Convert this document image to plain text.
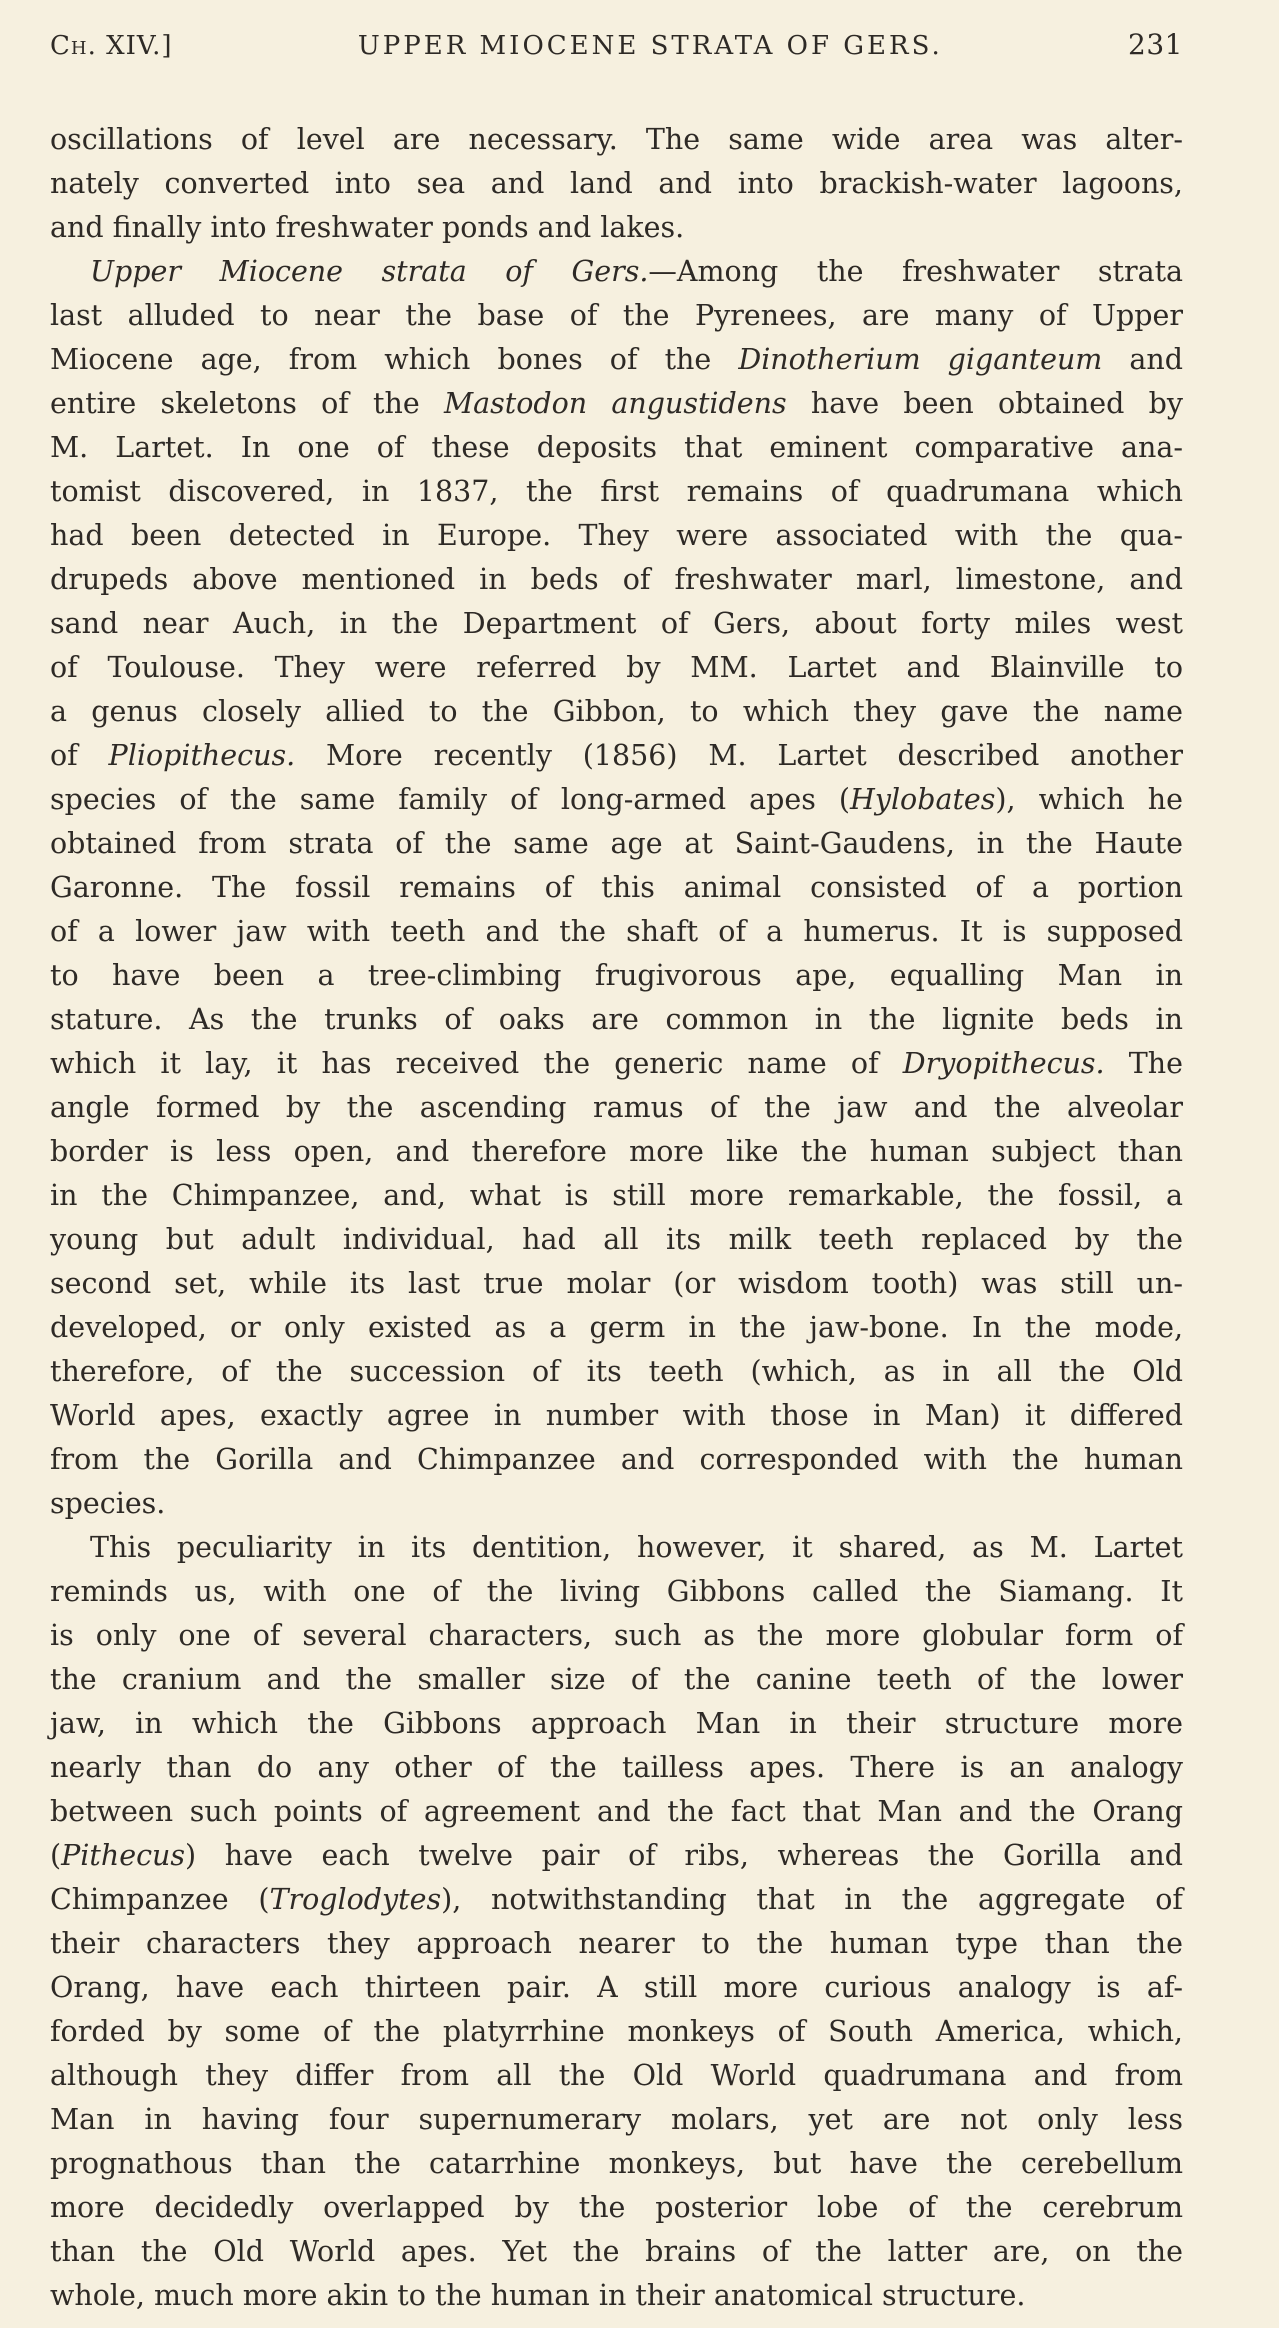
Ch. XIV.]	UPPER MIOCENE STRATA OF GERS.	231
oscillations of level are necessary. The same wide area was alter-
nately converted into sea and land and into brackish-water lagoons,
and finally into freshwater ponds and lakes.
Upper Miocene strata of Gers.—Among the freshwater strata
last alluded to near the base of the Pyrenees, are many of Upper
Miocene age, from which bones of the Dinotherium giganteum and
entire skeletons of the Mastodon angustidens have been obtained by
M. Lartet. In one of these deposits that eminent comparative ana-
tomist discovered, in 1837, the first remains of quadrumana which
had been detected in Europe. They were associated with the qua-
drupeds above mentioned in beds of freshwater marl, limestone, and
sand near Auch, in the Department of Gers, about forty miles west
of Toulouse. They were referred by MM. Lartet and Blainville to
a genus closely allied to the Gibbon, to which they gave the name
of Pliopithecus. More recently (1856) M. Lartet described another
species of the same family of long-armed apes (Hylobates), which he
obtained from strata of the same age at Saint-Gaudens, in the Haute
Garonne. The fossil remains of this animal consisted of a portion
of a lower jaw with teeth and the shaft of a humerus. It is supposed
to have been a tree-climbing frugivorous ape, equalling Man in
stature. As the trunks of oaks are common in the lignite beds in
which it lay, it has received the generic name of Dryopithecus. The
angle formed by the ascending ramus of the jaw and the alveolar
border is less open, and therefore more like the human subject than
in the Chimpanzee, and, what is still more remarkable, the fossil, a
young but adult individual, had all its milk teeth replaced by the
second set, while its last true molar (or wisdom tooth) was still un-
developed, or only existed as a germ in the jaw-bone. In the mode,
therefore, of the succession of its teeth (which, as in all the Old
World apes, exactly agree in number with those in Man) it differed
from the Gorilla and Chimpanzee and corresponded with the human
species.
This peculiarity in its dentition, however, it shared, as M. Lartet
reminds us, with one of the living Gibbons called the Siamang. It
is only one of several characters, such as the more globular form of
the cranium and the smaller size of the canine teeth of the lower
jaw, in which the Gibbons approach Man in their structure more
nearly than do any other of the tailless apes. There is an analogy
between such points of agreement and the fact that Man and the Orang
(Pithecus) have each twelve pair of ribs, whereas the Gorilla and
Chimpanzee (Troglodytes), notwithstanding that in the aggregate of
their characters they approach nearer to the human type than the
Orang, have each thirteen pair. A still more curious analogy is af-
forded by some of the platyrrhine monkeys of South America, which,
although they differ from all the Old World quadrumana and from
Man in having four supernumerary molars, yet are not only less
prognathous than the catarrhine monkeys, but have the cerebellum
more decidedly overlapped by the posterior lobe of the cerebrum
than the Old World apes. Yet the brains of the latter are, on the
whole, much more akin to the human in their anatomical structure.
